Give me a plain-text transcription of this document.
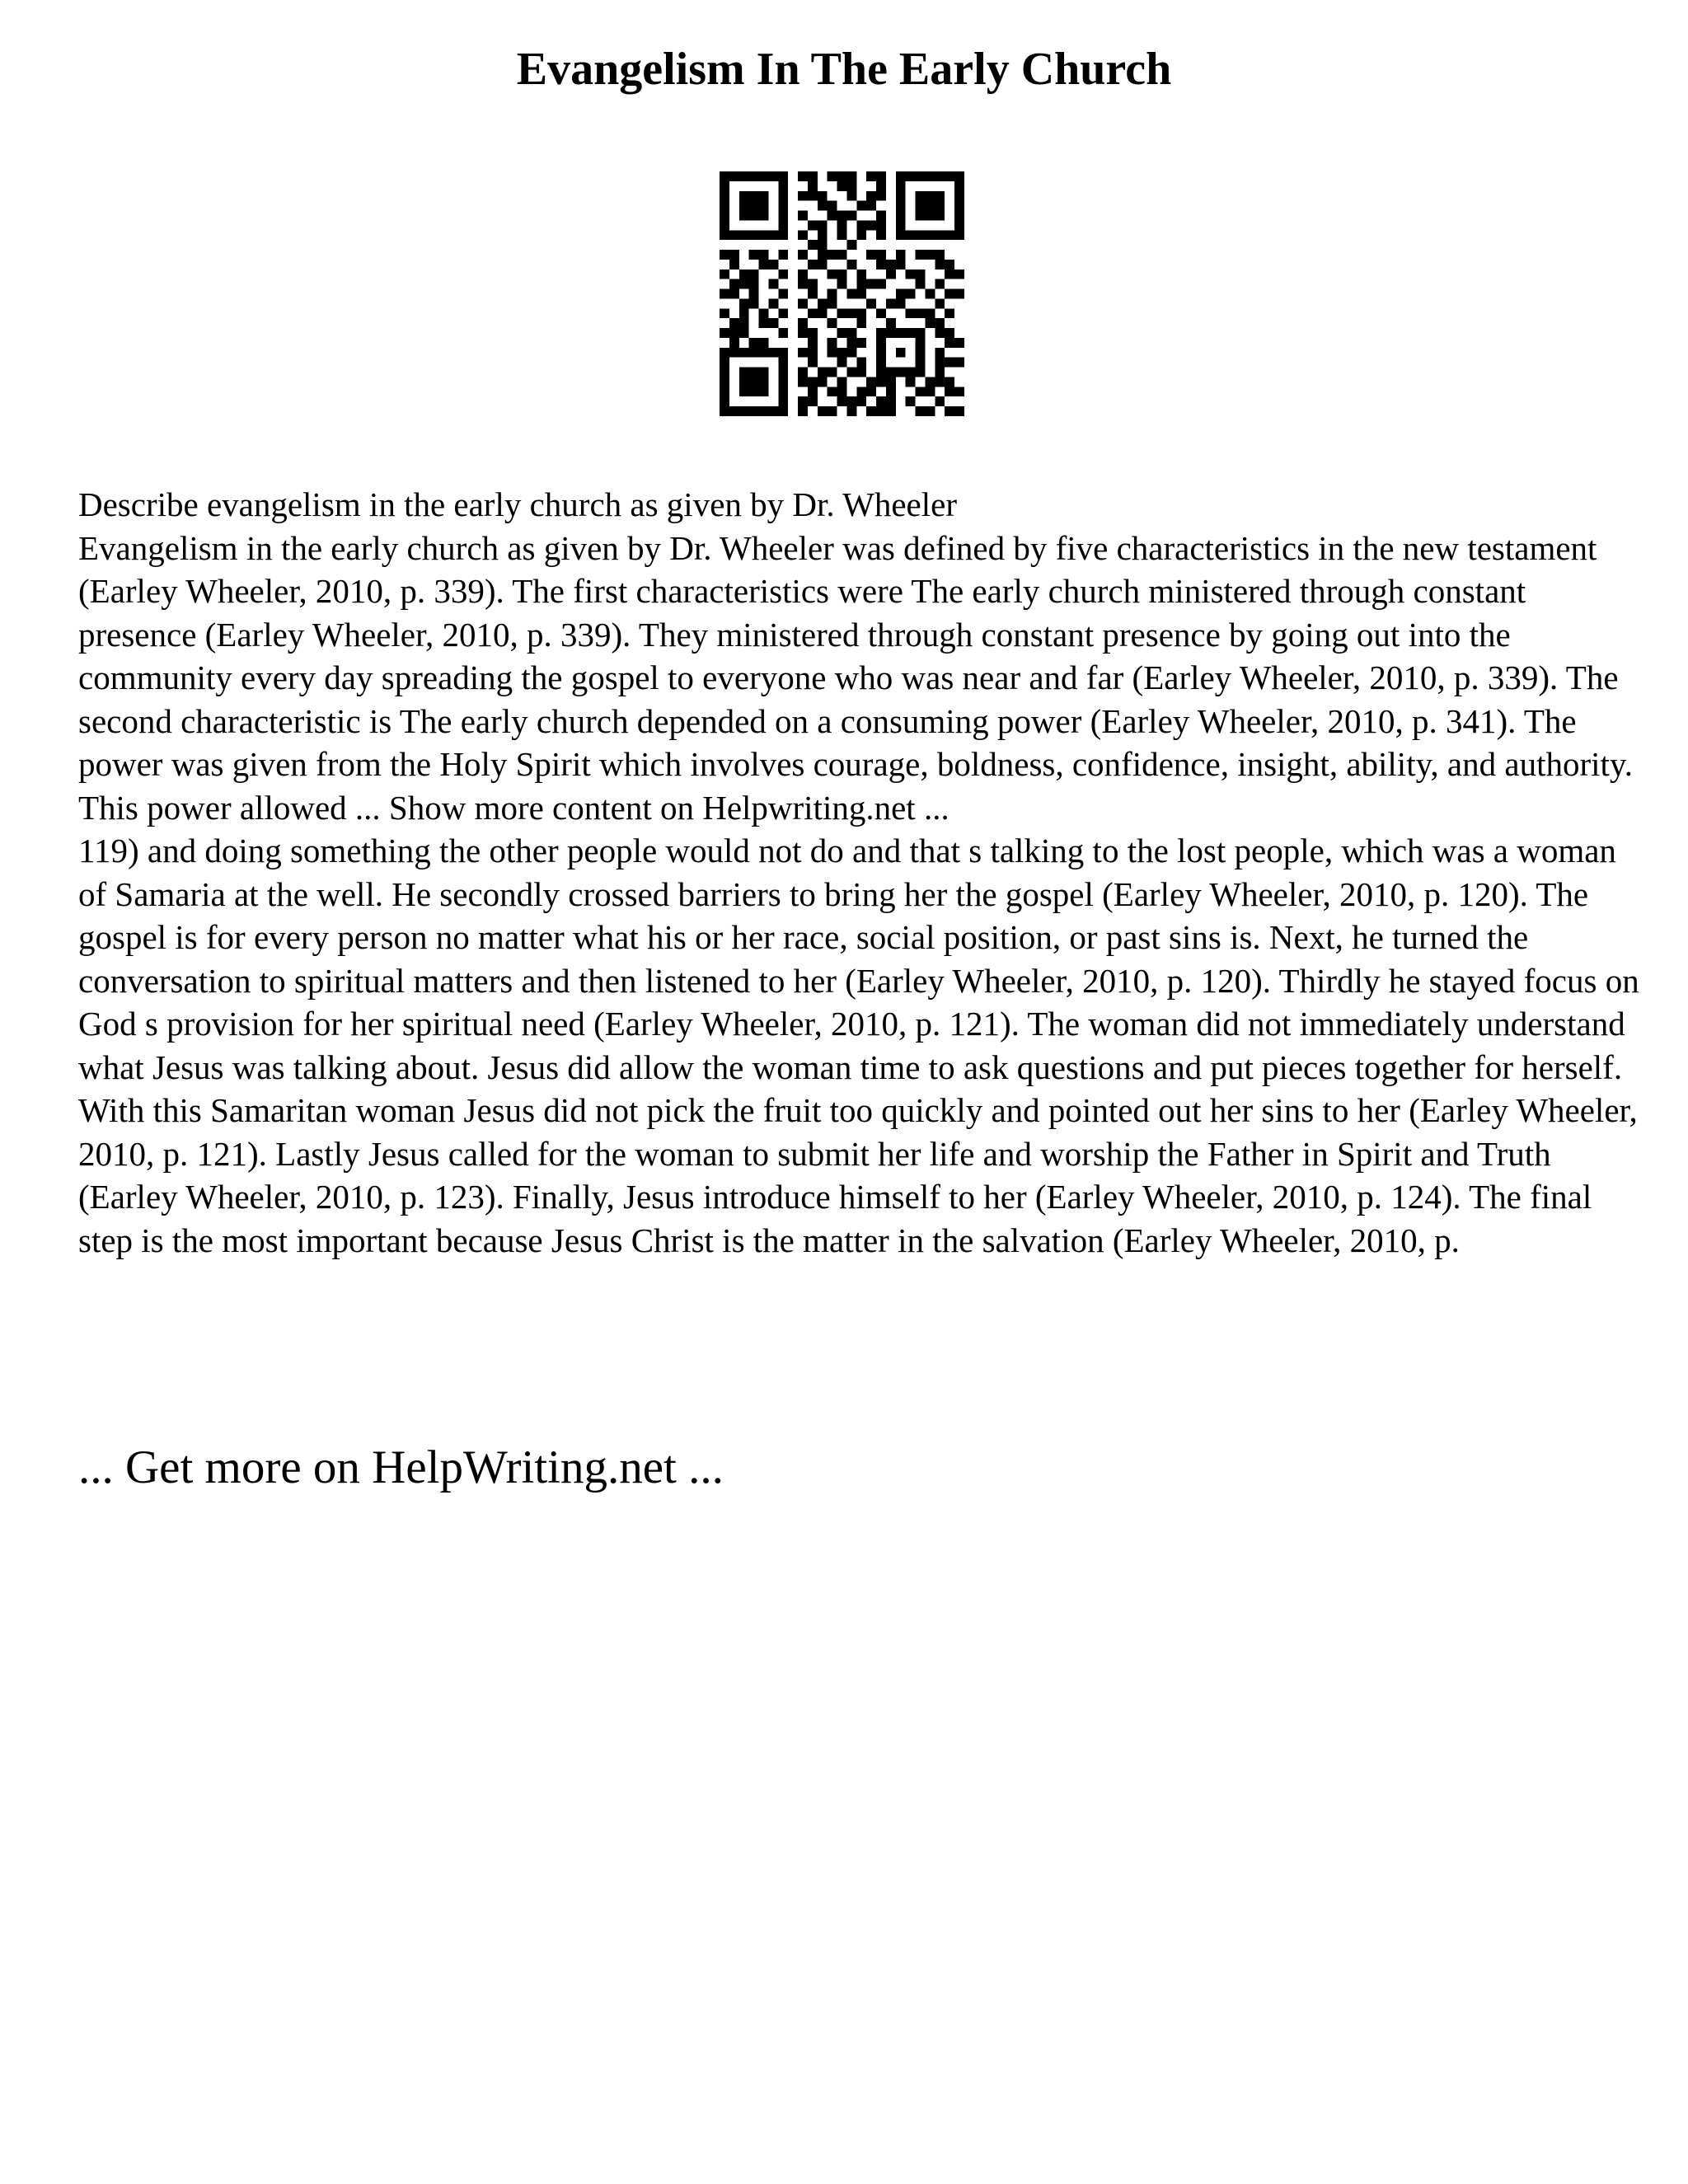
Evangelism In The Early Church
Describe evangelism in the early church as given by Dr. Wheeler
Evangelism in the early church as given by Dr. Wheeler was defined by five characteristics in the new testament (Earley Wheeler, 2010, p. 339). The first characteristics were The early church ministered through constant presence (Earley Wheeler, 2010, p. 339). They ministered through constant presence by going out into the community every day spreading the gospel to everyone who was near and far (Earley Wheeler, 2010, p. 339). The second characteristic is The early church depended on a consuming power (Earley Wheeler, 2010, p. 341). The power was given from the Holy Spirit which involves courage, boldness, confidence, insight, ability, and authority. This power allowed ... Show more content on Helpwriting.net ...
119) and doing something the other people would not do and that s talking to the lost people, which was a woman of Samaria at the well. He secondly crossed barriers to bring her the gospel (Earley Wheeler, 2010, p. 120). The gospel is for every person no matter what his or her race, social position, or past sins is. Next, he turned the conversation to spiritual matters and then listened to her (Earley Wheeler, 2010, p. 120). Thirdly he stayed focus on God s provision for her spiritual need (Earley Wheeler, 2010, p. 121). The woman did not immediately understand what Jesus was talking about. Jesus did allow the woman time to ask questions and put pieces together for herself. With this Samaritan woman Jesus did not pick the fruit too quickly and pointed out her sins to her (Earley Wheeler, 2010, p. 121). Lastly Jesus called for the woman to submit her life and worship the Father in Spirit and Truth (Earley Wheeler, 2010, p. 123). Finally, Jesus introduce himself to her (Earley Wheeler, 2010, p. 124). The final step is the most important because Jesus Christ is the matter in the salvation (Earley Wheeler, 2010, p.
... Get more on HelpWriting.net ...
